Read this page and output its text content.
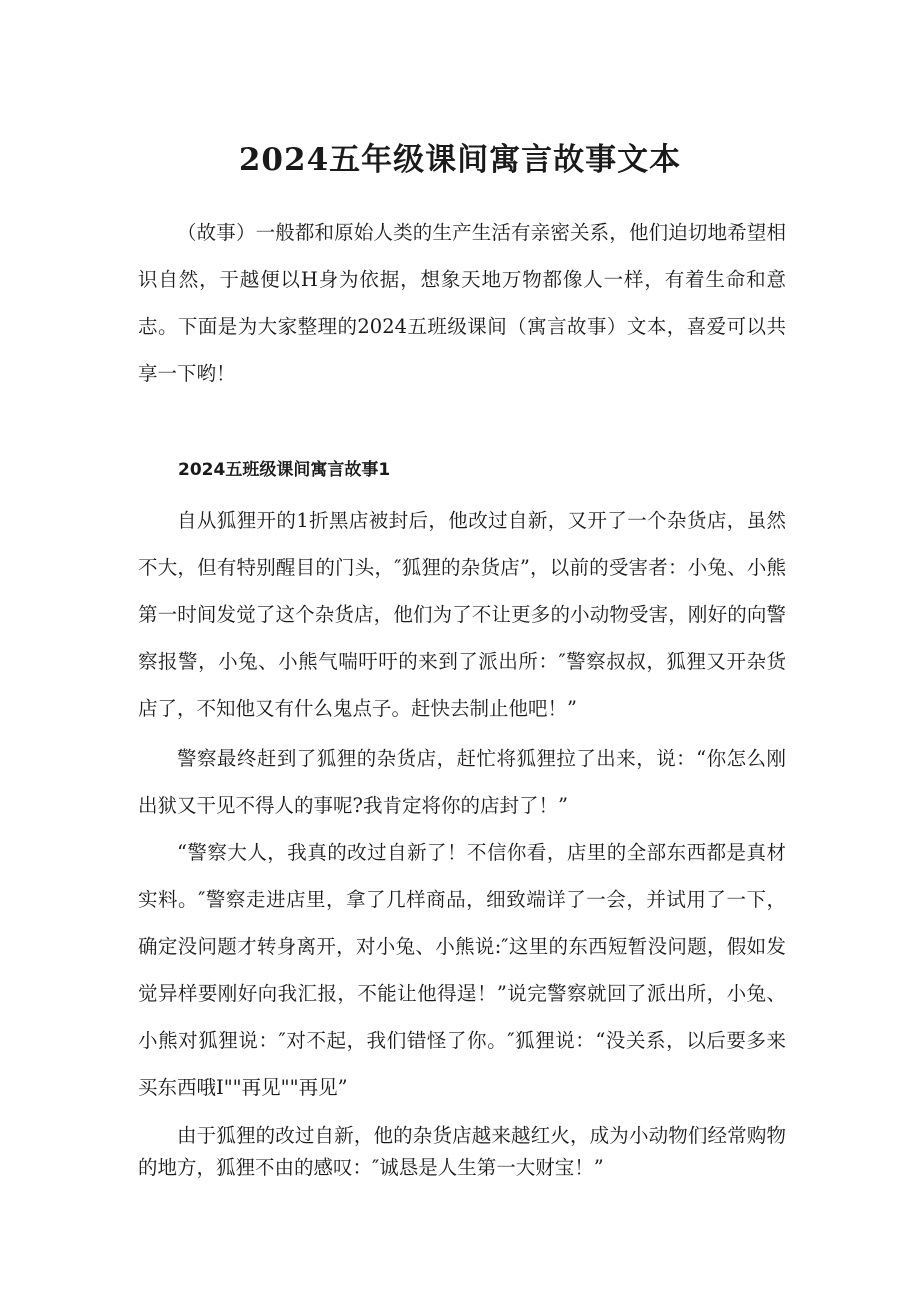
2024五年级课间寓言故事文本

（故事）一般都和原始人类的生产生活有亲密关系，他们迫切地希望相识自然，于越便以H身为依据，想象天地万物都像人一样，有着生命和意志。下面是为大家整理的2024五班级课间（寓言故事）文本，喜爱可以共享一下哟！

2024五班级课间寓言故事1

自从狐狸开的1折黑店被封后，他改过自新，又开了一个杂货店，虽然不大，但有特别醒目的门头，″狐狸的杂货店”，以前的受害者：小兔、小熊第一时间发觉了这个杂货店，他们为了不让更多的小动物受害，刚好的向警察报警，小兔、小熊气喘吁吁的来到了派出所：″警察叔叔，狐狸又开杂货店了，不知他又有什么鬼点子。赶快去制止他吧！”

警察最终赶到了狐狸的杂货店，赶忙将狐狸拉了出来，说：“你怎么刚出狱又干见不得人的事呢?我肯定将你的店封了！”

“警察大人，我真的改过自新了！不信你看，店里的全部东西都是真材实料。″警察走进店里，拿了几样商品，细致端详了一会，并试用了一下，确定没问题才转身离开，对小兔、小熊说:″这里的东西短暂没问题，假如发觉异样要刚好向我汇报，不能让他得逞！”说完警察就回了派出所，小兔、小熊对狐狸说：″对不起，我们错怪了你。″狐狸说：“没关系，以后要多来买东西哦I""再见""再见”

由于狐狸的改过自新，他的杂货店越来越红火，成为小动物们经常购物的地方，狐狸不由的感叹：″诚恳是人生第一大财宝！”
